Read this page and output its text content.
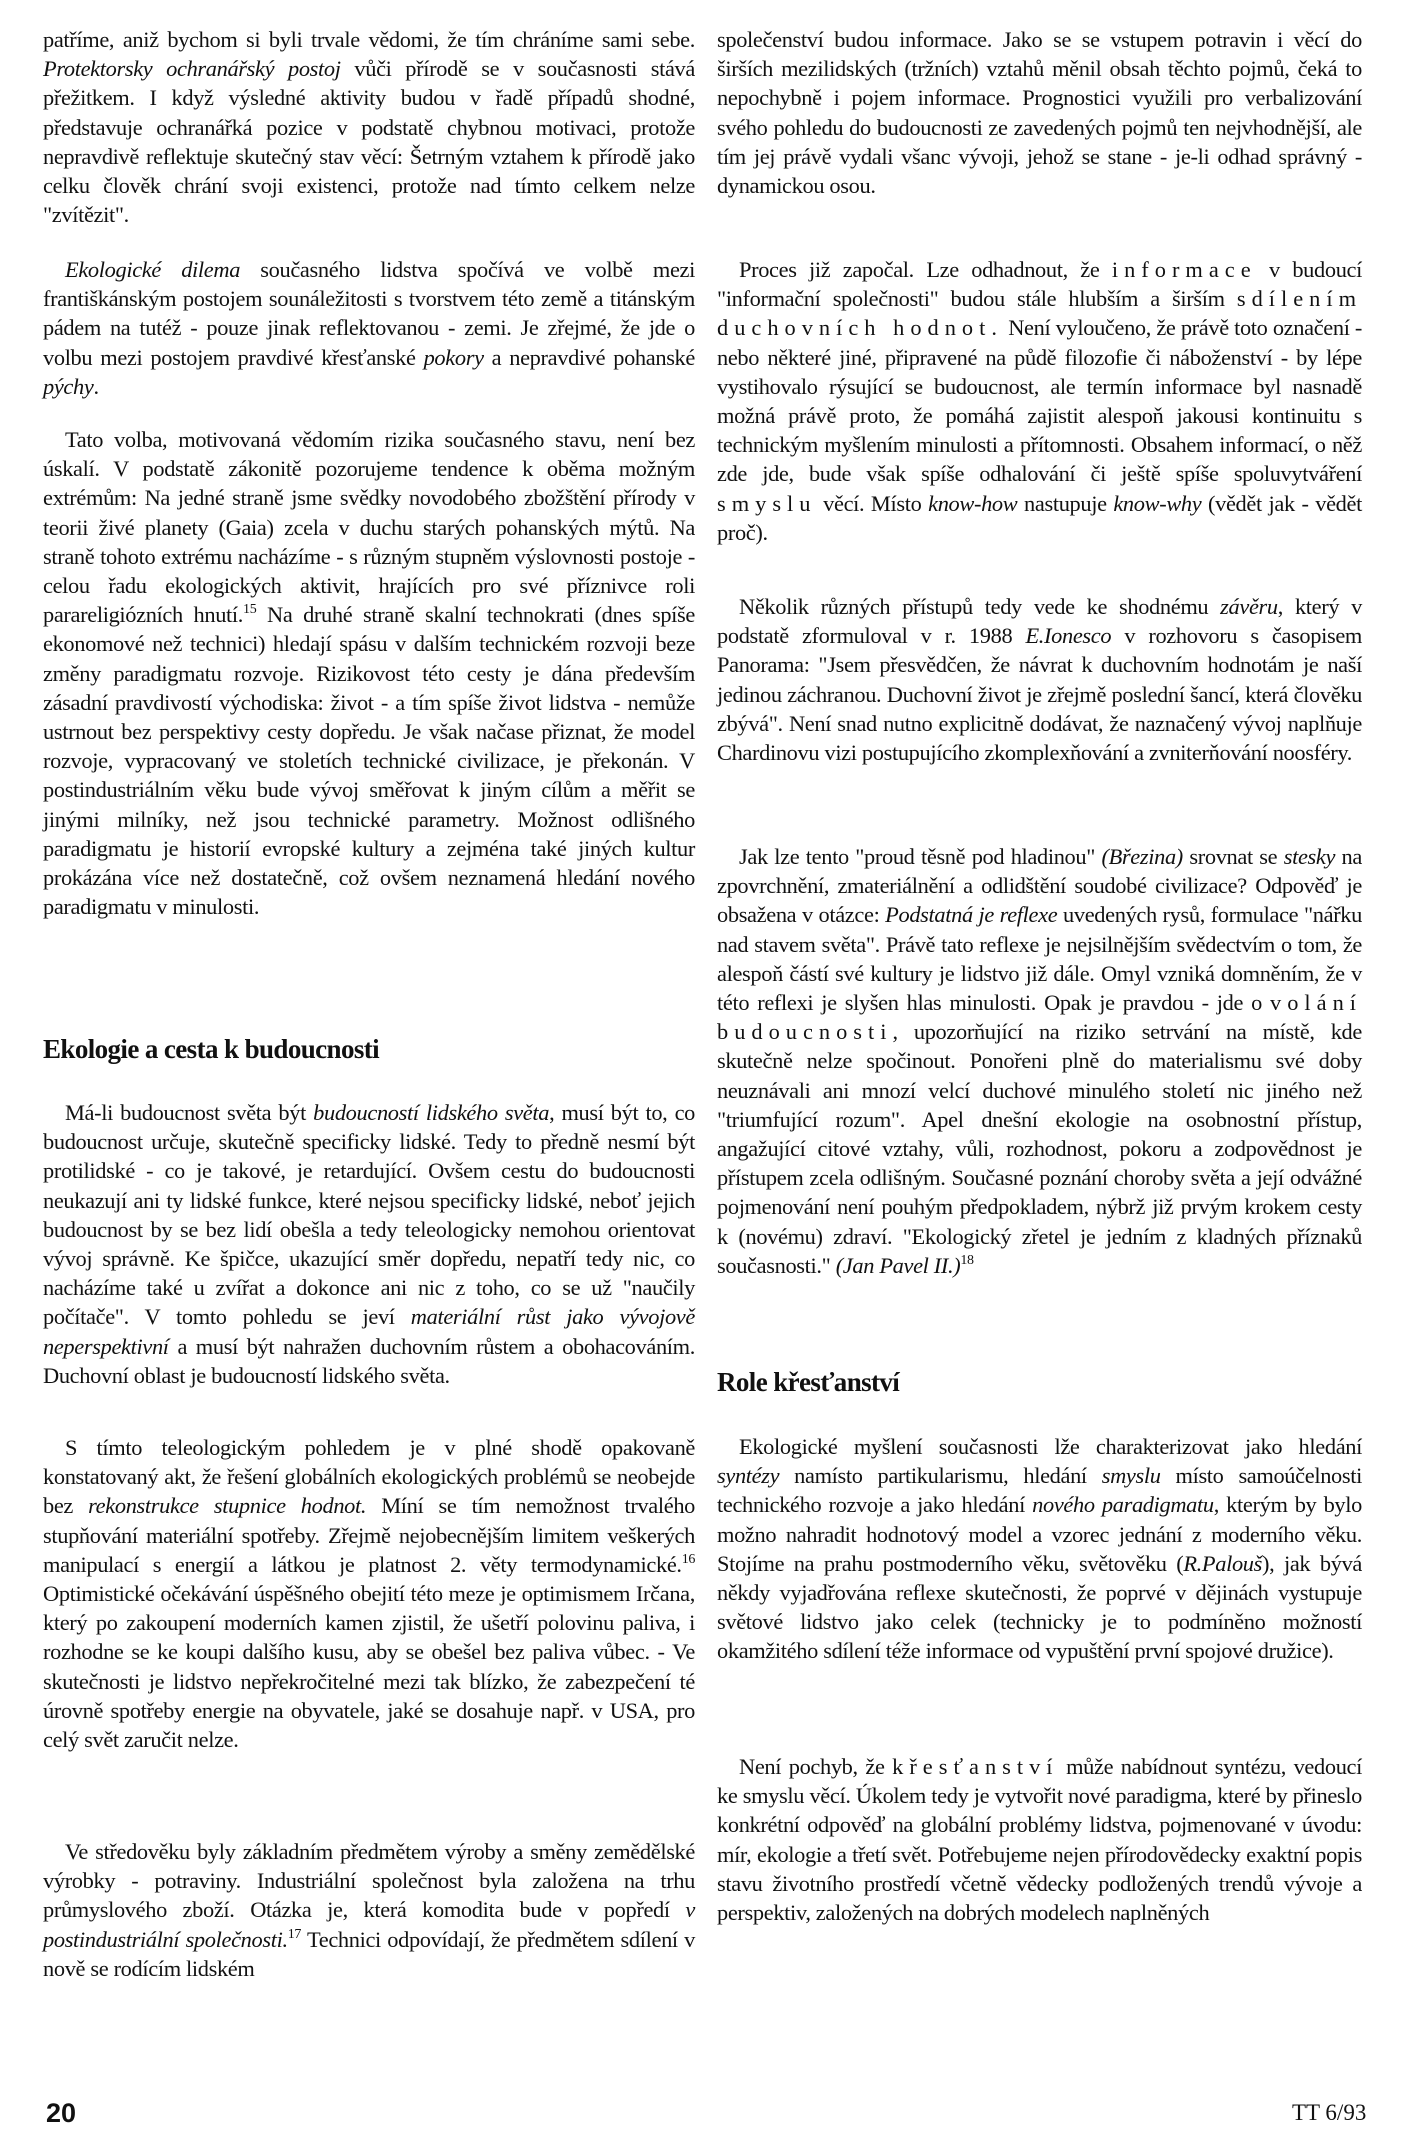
patříme, aniž bychom si byli trvale vědomi, že tím chráníme sami sebe. Protektorsky ochranářský postoj vůči přírodě se v současnosti stává přežitkem. I když výsledné aktivity budou v řadě případů shodné, představuje ochranářká pozice v podstatě chybnou motivaci, protože nepravdivě reflektuje skutečný stav věcí: Šetrným vztahem k přírodě jako celku člověk chrání svoji existenci, protože nad tímto celkem nelze "zvítězit".

Ekologické dilema současného lidstva spočívá ve volbě mezi františkánským postojem sounáležitosti s tvorstvem této země a titánským pádem na tutéž - pouze jinak reflektovanou - zemi. Je zřejmé, že jde o volbu mezi postojem pravdivé křesťanské pokory a nepravdivé pohanské pýchy.

Tato volba, motivovaná vědomím rizika současného stavu, není bez úskalí. V podstatě zákonitě pozorujeme tendence k oběma možným extrémům: Na jedné straně jsme svědky novodobého zbožštění přírody v teorii živé planety (Gaia) zcela v duchu starých pohanských mýtů. Na straně tohoto extrému nacházíme - s různým stupněm výslovnosti postoje - celou řadu ekologických aktivit, hrajících pro své příznivce roli parareligiózních hnutí.$^{15}$ Na druhé straně skalní technokrati (dnes spíše ekonomové než technici) hledají spásu v dalším technickém rozvoji beze změny paradigmatu rozvoje. Rizikovost této cesty je dána především zásadní pravdivostí východiska: život - a tím spíše život lidstva - nemůže ustrnout bez perspektivy cesty dopředu. Je však načase přiznat, že model rozvoje, vypracovaný ve stoletích technické civilizace, je překonán. V postindustriálním věku bude vývoj směřovat k jiným cílům a měřit se jinými milníky, než jsou technické parametry. Možnost odlišného paradigmatu je historií evropské kultury a zejména také jiných kultur prokázána více než dostatečně, což ovšem neznamená hledání nového paradigmatu v minulosti.

Ekologie a cesta k budoucnosti

Má-li budoucnost světa být budoucností lidského světa, musí být to, co budoucnost určuje, skutečně specificky lidské. Tedy to předně nesmí být protilidské - co je takové, je retardující. Ovšem cestu do budoucnosti neukazují ani ty lidské funkce, které nejsou specificky lidské, neboť jejich budoucnost by se bez lidí obešla a tedy teleologicky nemohou orientovat vývoj správně. Ke špičce, ukazující směr dopředu, nepatří tedy nic, co nacházíme také u zvířat a dokonce ani nic z toho, co se už "naučily počítače". V tomto pohledu se jeví materiální růst jako vývojově neperspektivní a musí být nahražen duchovním růstem a obohacováním. Duchovní oblast je budoucností lidského světa.

S tímto teleologickým pohledem je v plné shodě opakovaně konstatovaný akt, že řešení globálních ekologických problémů se neobejde bez rekonstrukce stupnice hodnot. Míní se tím nemožnost trvalého stupňování materiální spotřeby. Zřejmě nejobecnějším limitem veškerých manipulací s energií a látkou je platnost 2. věty termodynamické.$^{16}$ Optimistické očekávání úspěšného obejití této meze je optimismem Irčana, který po zakoupení moderních kamen zjistil, že ušetří polovinu paliva, i rozhodne se ke koupi dalšího kusu, aby se obešel bez paliva vůbec. - Ve skutečnosti je lidstvo nepřekročitelné mezi tak blízko, že zabezpečení té úrovně spotřeby energie na obyvatele, jaké se dosahuje např. v USA, pro celý svět zaručit nelze.

Ve středověku byly základním předmětem výroby a směny zemědělské výrobky - potraviny. Industriální společnost byla založena na trhu průmyslového zboží. Otázka je, která komodita bude v popředí v postindustriální společnosti.$^{17}$ Technici odpovídají, že předmětem sdílení v nově se rodícím lidském

společenství budou informace. Jako se se vstupem potravin i věcí do širších mezilidských (tržních) vztahů měnil obsah těchto pojmů, čeká to nepochybně i pojem informace. Prognostici využili pro verbalizování svého pohledu do budoucnosti ze zavedených pojmů ten nejvhodnější, ale tím jej právě vydali všanc vývoji, jehož se stane - je-li odhad správný - dynamickou osou.

Proces již započal. Lze odhadnout, že informace v budoucí "informační společnosti" budou stále hlubším a širším sdílením duchovních hodnot. Není vyloučeno, že právě toto označení - nebo některé jiné, připravené na půdě filozofie či náboženství - by lépe vystihovalo rýsující se budoucnost, ale termín informace byl nasnadě možná právě proto, že pomáhá zajistit alespoň jakousi kontinuitu s technickým myšlením minulosti a přítomnosti. Obsahem informací, o něž zde jde, bude však spíše odhalování či ještě spíše spoluvytváření smyslu věcí. Místo know-how nastupuje know-why (vědět jak - vědět proč).

Několik různých přístupů tedy vede ke shodnému závěru, který v podstatě zformuloval v r. 1988 E.Ionesco v rozhovoru s časopisem Panorama: "Jsem přesvědčen, že návrat k duchovním hodnotám je naší jedinou záchranou. Duchovní život je zřejmě poslední šancí, která člověku zbývá". Není snad nutno explicitně dodávat, že naznačený vývoj naplňuje Chardinovu vizi postupujícího zkomplexňování a zvniterňování noosféry.

Jak lze tento "proud těsně pod hladinou" (Březina) srovnat se stesky na zpovrchnění, zmateriálnění a odlidštění soudobé civilizace? Odpověď je obsažena v otázce: Podstatná je reflexe uvedených rysů, formulace "nářku nad stavem světa". Právě tato reflexe je nejsilnějším svědectvím o tom, že alespoň částí své kultury je lidstvo již dále. Omyl vzniká domněním, že v této reflexi je slyšen hlas minulosti. Opak je pravdou - jde o volání budoucnosti, upozorňující na riziko setrvání na místě, kde skutečně nelze spočinout. Ponořeni plně do materialismu své doby neuznávali ani mnozí velcí duchové minulého století nic jiného než "triumfující rozum". Apel dnešní ekologie na osobnostní přístup, angažující citové vztahy, vůli, rozhodnost, pokoru a zodpovědnost je přístupem zcela odlišným. Současné poznání choroby světa a její odvážné pojmenování není pouhým předpokladem, nýbrž již prvým krokem cesty k (novému) zdraví. "Ekologický zřetel je jedním z kladných příznaků současnosti." (Jan Pavel II.)$^{18}$

Role křesťanství

Ekologické myšlení současnosti lže charakterizovat jako hledání syntézy namísto partikularismu, hledání smyslu místo samoúčelnosti technického rozvoje a jako hledání nového paradigmatu, kterým by bylo možno nahradit hodnotový model a vzorec jednání z moderního věku. Stojíme na prahu postmoderního věku, světověku (R.Palouš), jak bývá někdy vyjadřována reflexe skutečnosti, že poprvé v dějinách vystupuje světové lidstvo jako celek (technicky je to podmíněno možností okamžitého sdílení téže informace od vypuštění první spojové družice).

Není pochyb, že křesťanství může nabídnout syntézu, vedoucí ke smyslu věcí. Úkolem tedy je vytvořit nové paradigma, které by přineslo konkrétní odpověď na globální problémy lidstva, pojmenované v úvodu: mír, ekologie a třetí svět. Potřebujeme nejen přírodovědecky exaktní popis stavu životního prostředí včetně vědecky podložených trendů vývoje a perspektiv, založených na dobrých modelech naplněných

20	TT 6/93
